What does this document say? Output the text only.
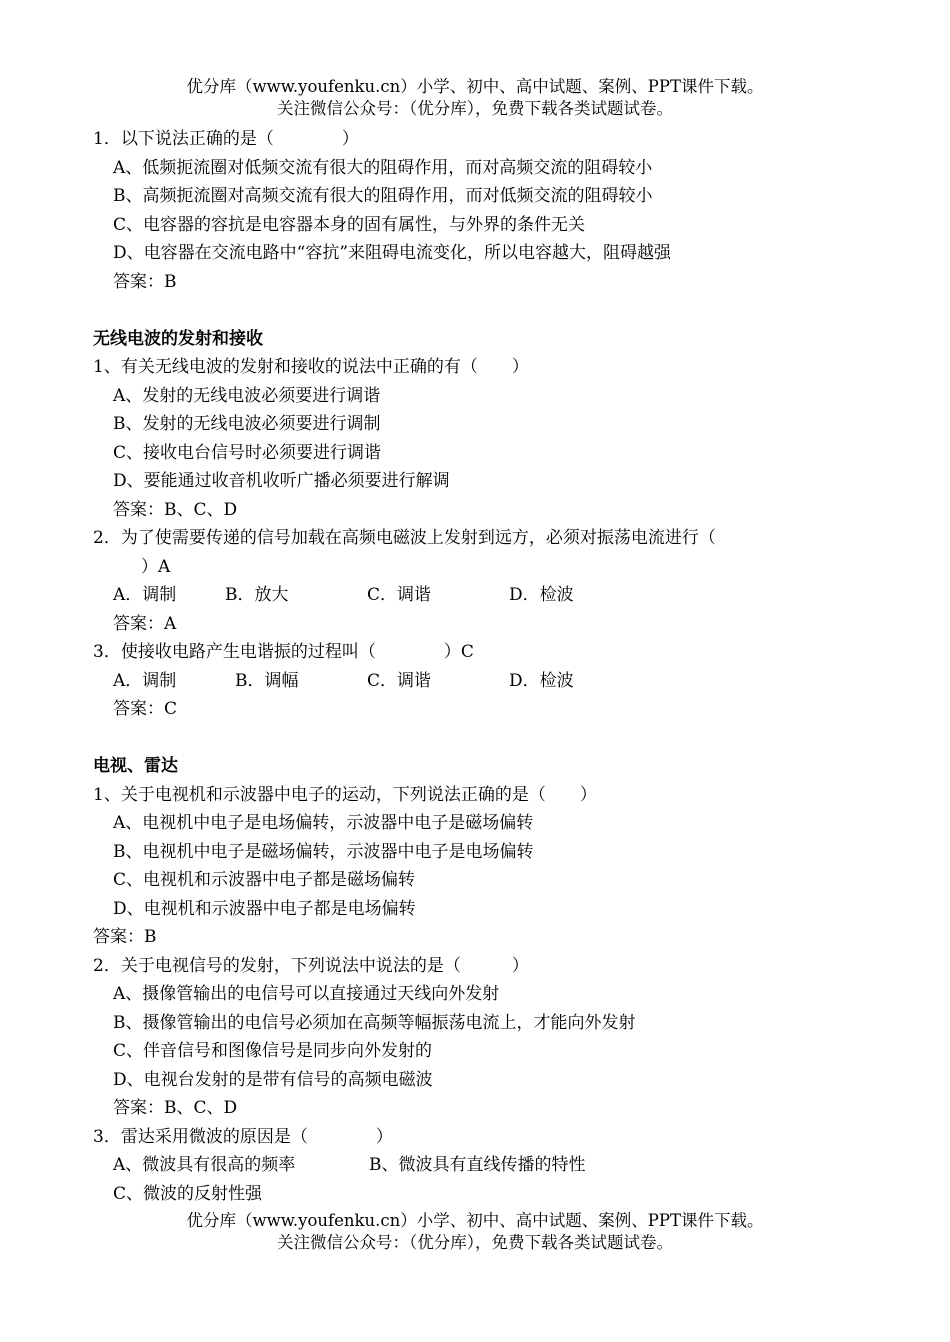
优分库（www.youfenku.cn）小学、初中、高中试题、案例、PPT课件下载。
关注微信公众号：（优分库），免费下载各类试题试卷。
1．以下说法正确的是（　　　　）
A、低频扼流圈对低频交流有很大的阻碍作用，而对高频交流的阻碍较小
B、高频扼流圈对高频交流有很大的阻碍作用，而对低频交流的阻碍较小
C、电容器的容抗是电容器本身的固有属性，与外界的条件无关
D、电容器在交流电路中“容抗”来阻碍电流变化，所以电容越大，阻碍越强
答案：B
无线电波的发射和接收
1、有关无线电波的发射和接收的说法中正确的有（　　）
A、发射的无线电波必须要进行调谐
B、发射的无线电波必须要进行调制
C、接收电台信号时必须要进行调谐
D、要能通过收音机收听广播必须要进行解调
答案：B、C、D
2．为了使需要传递的信号加载在高频电磁波上发射到远方，必须对振荡电流进行（
）A
A．调制	B．放大	C．调谐	D．检波
答案：A
3．使接收电路产生电谐振的过程叫（　　　　）C
A．调制	B．调幅	C．调谐	D．检波
答案：C
电视、雷达
1、关于电视机和示波器中电子的运动，下列说法正确的是（　　）
A、电视机中电子是电场偏转，示波器中电子是磁场偏转
B、电视机中电子是磁场偏转，示波器中电子是电场偏转
C、电视机和示波器中电子都是磁场偏转
D、电视机和示波器中电子都是电场偏转
答案：B
2．关于电视信号的发射，下列说法中说法的是（　　　）
A、摄像管输出的电信号可以直接通过天线向外发射
B、摄像管输出的电信号必须加在高频等幅振荡电流上，才能向外发射
C、伴音信号和图像信号是同步向外发射的
D、电视台发射的是带有信号的高频电磁波
答案：B、C、D
3．雷达采用微波的原因是（　　　　）
A、微波具有很高的频率	B、微波具有直线传播的特性
C、微波的反射性强
优分库（www.youfenku.cn）小学、初中、高中试题、案例、PPT课件下载。
关注微信公众号：（优分库），免费下载各类试题试卷。
